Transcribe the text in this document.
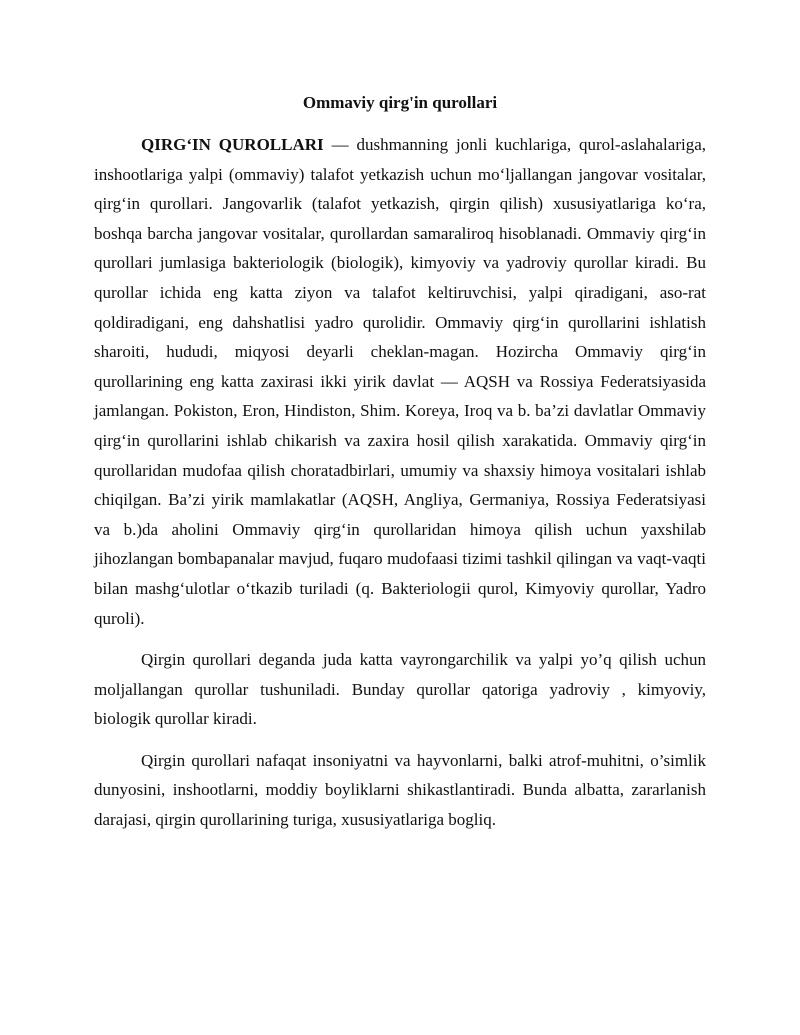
Ommaviy qirg'in qurollari

QIRG‘IN QUROLLARI — dushmanning jonli kuchlariga, qurol-aslahalariga, inshootlariga yalpi (ommaviy) talafot yetkazish uchun mo‘ljallangan jangovar vositalar, qirg‘in qurollari. Jangovarlik (talafot yetkazish, qirgin qilish) xususiyatlariga ko‘ra, boshqa barcha jangovar vositalar, qurollardan samaraliroq hisoblanadi. Ommaviy qirg‘in qurollari jumlasiga bakteriologik (biologik), kimyoviy va yadroviy qurollar kiradi. Bu qurollar ichida eng katta ziyon va talafot keltiruvchisi, yalpi qiradigani, aso-rat qoldiradigani, eng dahshatlisi yadro qurolidir. Ommaviy qirg‘in qurollarini ishlatish sharoiti, hududi, miqyosi deyarli cheklan-magan. Hozircha Ommaviy qirg‘in qurollarining eng katta zaxirasi ikki yirik davlat — AQSH va Rossiya Federatsiyasida jamlangan. Pokiston, Eron, Hindiston, Shim. Koreya, Iroq va b. ba’zi davlatlar Ommaviy qirg‘in qurollarini ishlab chikarish va zaxira hosil qilish xarakatida. Ommaviy qirg‘in qurollaridan mudofaa qilish choratadbirlari, umumiy va shaxsiy himoya vositalari ishlab chiqilgan. Ba’zi yirik mamlakatlar (AQSH, Angliya, Germaniya, Rossiya Federatsiyasi va b.)da aholini Ommaviy qirg‘in qurollaridan himoya qilish uchun yaxshilab jihozlangan bombapanalar mavjud, fuqaro mudofaasi tizimi tashkil qilingan va vaqt-vaqti bilan mashg‘ulotlar o‘tkazib turiladi (q. Bakteriologii qurol, Kimyoviy qurollar, Yadro quroli).

Qirgin qurollari deganda juda katta vayrongarchilik va yalpi yo’q qilish uchun moljallangan qurollar tushuniladi. Bunday qurollar qatoriga yadroviy , kimyoviy, biologik qurollar kiradi.

Qirgin qurollari nafaqat insoniyatni va hayvonlarni, balki atrof-muhitni, o’simlik dunyosini, inshootlarni, moddiy boyliklarni shikastlantiradi. Bunda albatta, zararlanish darajasi, qirgin qurollarining turiga, xususiyatlariga bogliq.
